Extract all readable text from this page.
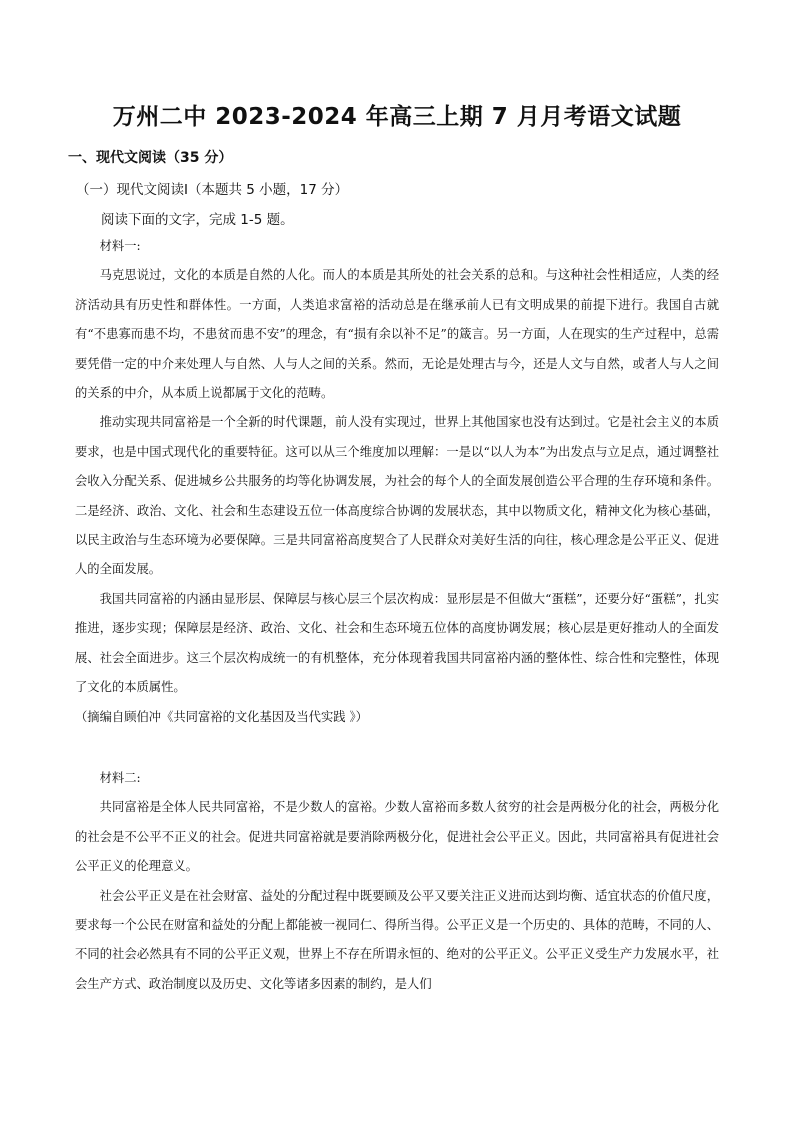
万州二中 2023-2024 年高三上期 7 月月考语文试题
一、现代文阅读（35 分）
（一）现代文阅读Ⅰ（本题共 5 小题，17 分）
阅读下面的文字，完成 1-5 题。

材料一:

马克思说过，文化的本质是自然的人化。而人的本质是其所处的社会关系的总和。与这种社会性相适应，人类的经济活动具有历史性和群体性。一方面，人类追求富裕的活动总是在继承前人已有文明成果的前提下进行。我国自古就有“不患寡而患不均，不患贫而患不安”的理念，有“损有余以补不足”的箴言。另一方面，人在现实的生产过程中，总需要凭借一定的中介来处理人与自然、人与人之间的关系。然而，无论是处理古与今，还是人文与自然，或者人与人之间的关系的中介，从本质上说都属于文化的范畴。

推动实现共同富裕是一个全新的时代课题，前人没有实现过，世界上其他国家也没有达到过。它是社会主义的本质要求，也是中国式现代化的重要特征。这可以从三个维度加以理解：一是以“以人为本”为出发点与立足点，通过调整社会收入分配关系、促进城乡公共服务的均等化协调发展，为社会的每个人的全面发展创造公平合理的生存环境和条件。二是经济、政治、文化、社会和生态建设五位一体高度综合协调的发展状态，其中以物质文化，精神文化为核心基础，以民主政治与生态环境为必要保障。三是共同富裕高度契合了人民群众对美好生活的向往，核心理念是公平正义、促进人的全面发展。

我国共同富裕的内涵由显形层、保障层与核心层三个层次构成：显形层是不但做大“蛋糕”，还要分好“蛋糕”，扎实推进，逐步实现；保障层是经济、政治、文化、社会和生态环境五位体的高度协调发展；核心层是更好推动人的全面发展、社会全面进步。这三个层次构成统一的有机整体，充分体现着我国共同富裕内涵的整体性、综合性和完整性，体现了文化的本质属性。

（摘编自顾伯冲《共同富裕的文化基因及当代实践 》）

材料二:

共同富裕是全体人民共同富裕，不是少数人的富裕。少数人富裕而多数人贫穷的社会是两极分化的社会，两极分化的社会是不公平不正义的社会。促进共同富裕就是要消除两极分化，促进社会公平正义。因此，共同富裕具有促进社会公平正义的伦理意义。

社会公平正义是在社会财富、益处的分配过程中既要顾及公平又要关注正义进而达到均衡、适宜状态的价值尺度，要求每一个公民在财富和益处的分配上都能被一视同仁、得所当得。公平正义是一个历史的、具体的范畴，不同的人、不同的社会必然具有不同的公平正义观，世界上不存在所谓永恒的、绝对的公平正义。公平正义受生产力发展水平，社会生产方式、政治制度以及历史、文化等诸多因素的制约，是人们
